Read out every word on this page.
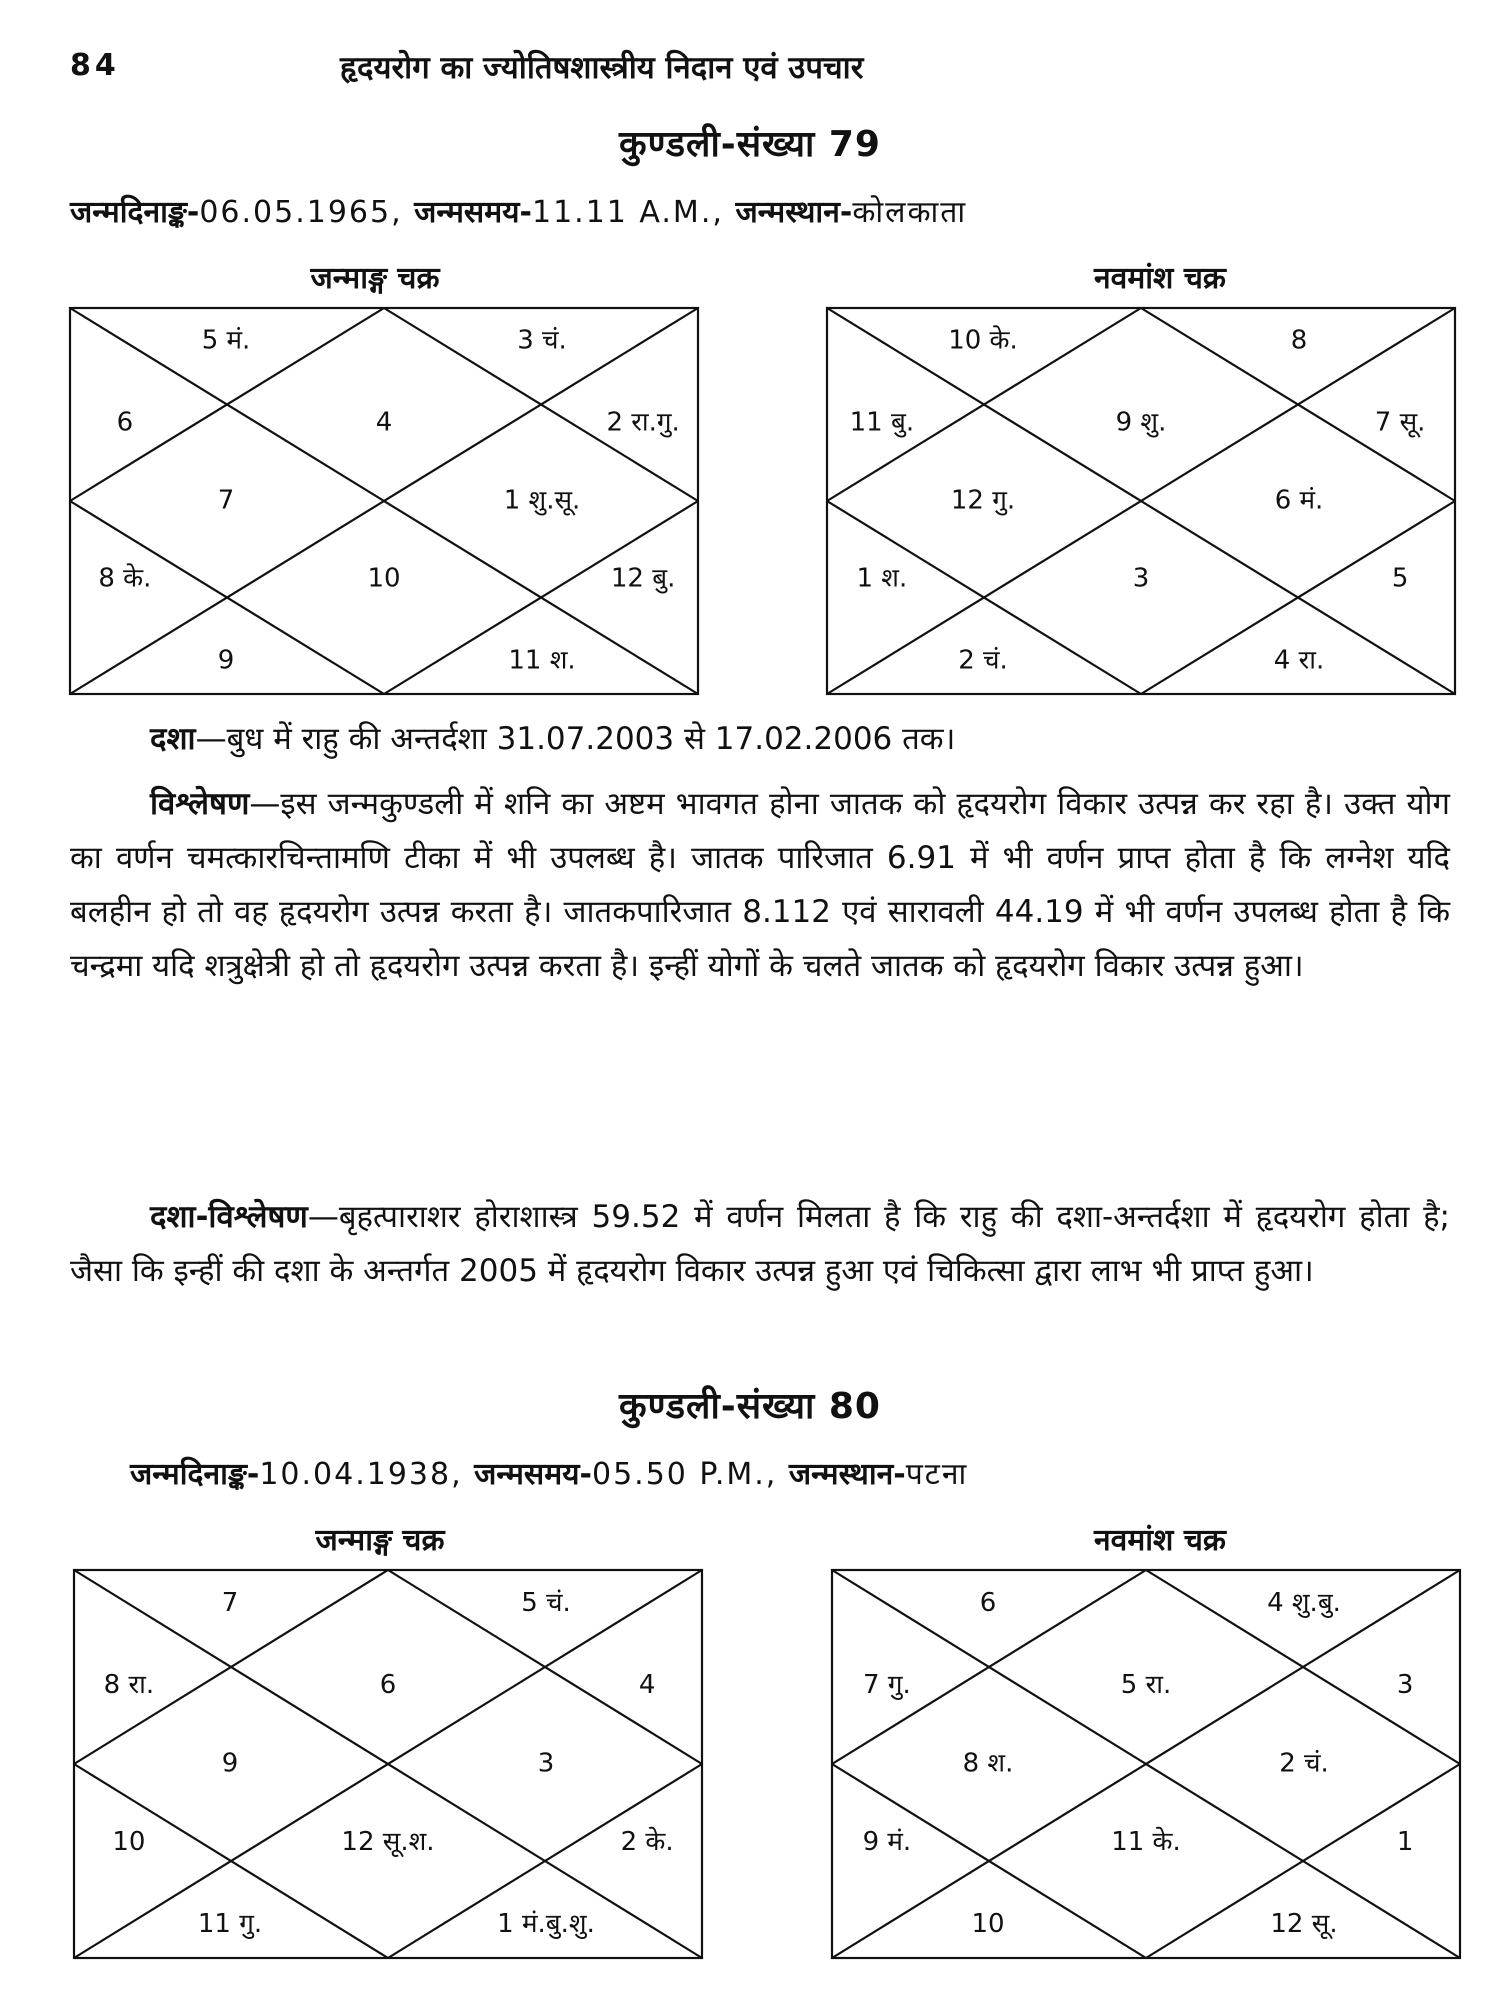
84	हृदयरोग का ज्योतिषशास्त्रीय निदान एवं उपचार
कुण्डली-संख्या 79
जन्मदिनाङ्क-06.05.1965, जन्मसमय-11.11 A.M., जन्मस्थान-कोलकाता
जन्माङ्ग चक्र	नवमांश चक्र
5 मं.	3 चं.
6	4	2 रा.गु.
7	1 शु.सू.
8 के.	10	12 बु.
9	11 श.
10 के.	8
11 बु.	9 शु.	7 सू.
12 गु.	6 मं.
1 श.	3	5
2 चं.	4 रा.
दशा—बुध में राहु की अन्तर्दशा 31.07.2003 से 17.02.2006 तक।
विश्लेषण—इस जन्मकुण्डली में शनि का अष्टम भावगत होना जातक को हृदयरोग विकार उत्पन्न कर रहा है। उक्त योग का वर्णन चमत्कारचिन्तामणि टीका में भी उपलब्ध है। जातक पारिजात 6.91 में भी वर्णन प्राप्त होता है कि लग्नेश यदि बलहीन हो तो वह हृदयरोग उत्पन्न करता है। जातकपारिजात 8.112 एवं सारावली 44.19 में भी वर्णन उपलब्ध होता है कि चन्द्रमा यदि शत्रुक्षेत्री हो तो हृदयरोग उत्पन्न करता है। इन्हीं योगों के चलते जातक को हृदयरोग विकार उत्पन्न हुआ।
दशा-विश्लेषण—बृहत्पाराशर होराशास्त्र 59.52 में वर्णन मिलता है कि राहु की दशा-अन्तर्दशा में हृदयरोग होता है; जैसा कि इन्हीं की दशा के अन्तर्गत 2005 में हृदयरोग विकार उत्पन्न हुआ एवं चिकित्सा द्वारा लाभ भी प्राप्त हुआ।
कुण्डली-संख्या 80
जन्मदिनाङ्क-10.04.1938, जन्मसमय-05.50 P.M., जन्मस्थान-पटना
जन्माङ्ग चक्र	नवमांश चक्र
7	5 चं.
8 रा.	6	4
9	3
10	12 सू.श.	2 के.
11 गु.	1 मं.बु.शु.
6	4 शु.बु.
7 गु.	5 रा.	3
8 श.	2 चं.
9 मं.	11 के.	1
10	12 सू.
